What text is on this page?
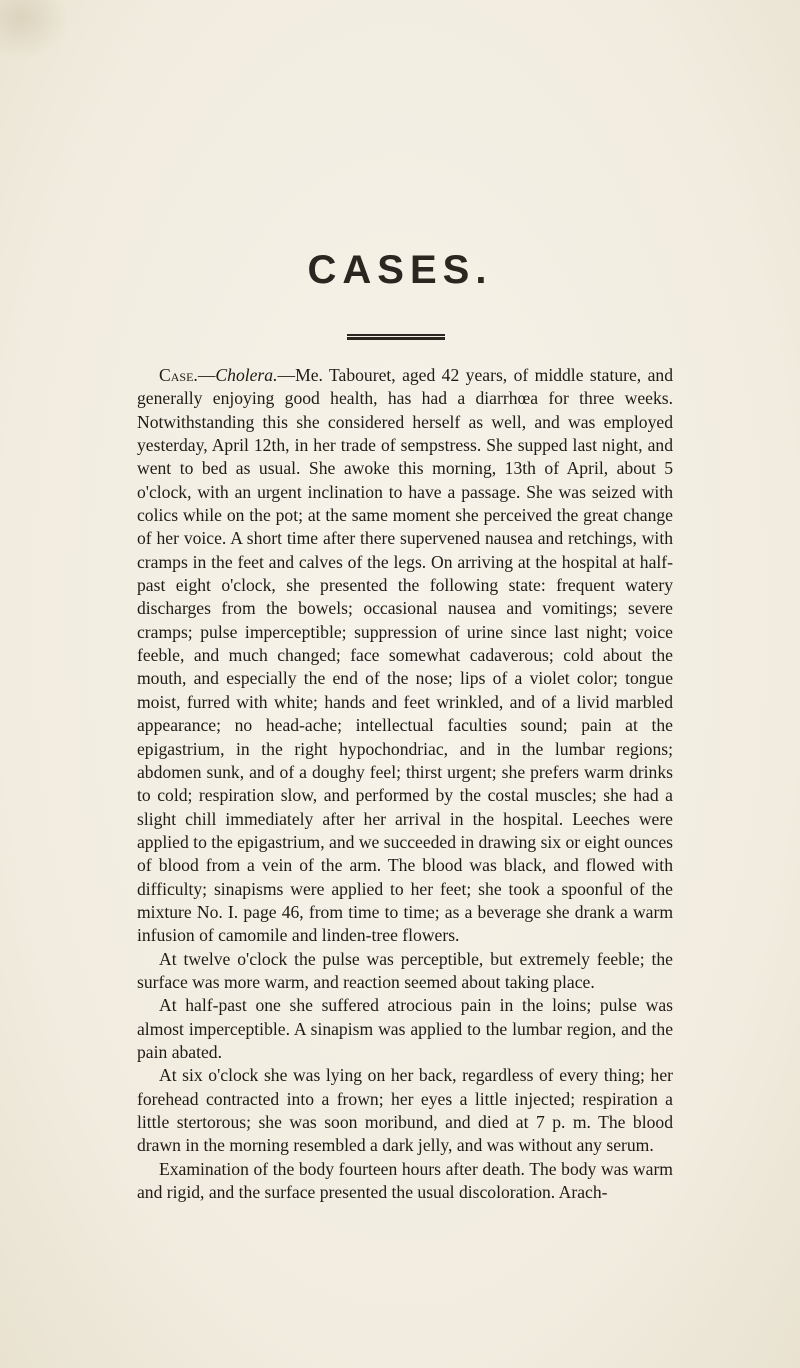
CASES.

Case.—Cholera.—Me. Tabouret, aged 42 years, of middle stature, and generally enjoying good health, has had a diarrhœa for three weeks. Notwithstanding this she considered herself as well, and was employed yesterday, April 12th, in her trade of sempstress. She supped last night, and went to bed as usual. She awoke this morning, 13th of April, about 5 o'clock, with an urgent inclination to have a passage. She was seized with colics while on the pot; at the same moment she perceived the great change of her voice. A short time after there supervened nausea and retchings, with cramps in the feet and calves of the legs. On arriving at the hospital at half-past eight o'clock, she presented the following state: frequent watery discharges from the bowels; occasional nausea and vomitings; severe cramps; pulse imperceptible; suppression of urine since last night; voice feeble, and much changed; face somewhat cadaverous; cold about the mouth, and especially the end of the nose; lips of a violet color; tongue moist, furred with white; hands and feet wrinkled, and of a livid marbled appearance; no head-ache; intellectual faculties sound; pain at the epigastrium, in the right hypochondriac, and in the lumbar regions; abdomen sunk, and of a doughy feel; thirst urgent; she prefers warm drinks to cold; respiration slow, and performed by the costal muscles; she had a slight chill immediately after her arrival in the hospital. Leeches were applied to the epigastrium, and we succeeded in drawing six or eight ounces of blood from a vein of the arm. The blood was black, and flowed with difficulty; sinapisms were applied to her feet; she took a spoonful of the mixture No. I. page 46, from time to time; as a beverage she drank a warm infusion of camomile and linden-tree flowers.

At twelve o'clock the pulse was perceptible, but extremely feeble; the surface was more warm, and reaction seemed about taking place.

At half-past one she suffered atrocious pain in the loins; pulse was almost imperceptible. A sinapism was applied to the lumbar region, and the pain abated.

At six o'clock she was lying on her back, regardless of every thing; her forehead contracted into a frown; her eyes a little injected; respiration a little stertorous; she was soon moribund, and died at 7 p. m. The blood drawn in the morning resembled a dark jelly, and was without any serum.

Examination of the body fourteen hours after death. The body was warm and rigid, and the surface presented the usual discoloration. Arach-
